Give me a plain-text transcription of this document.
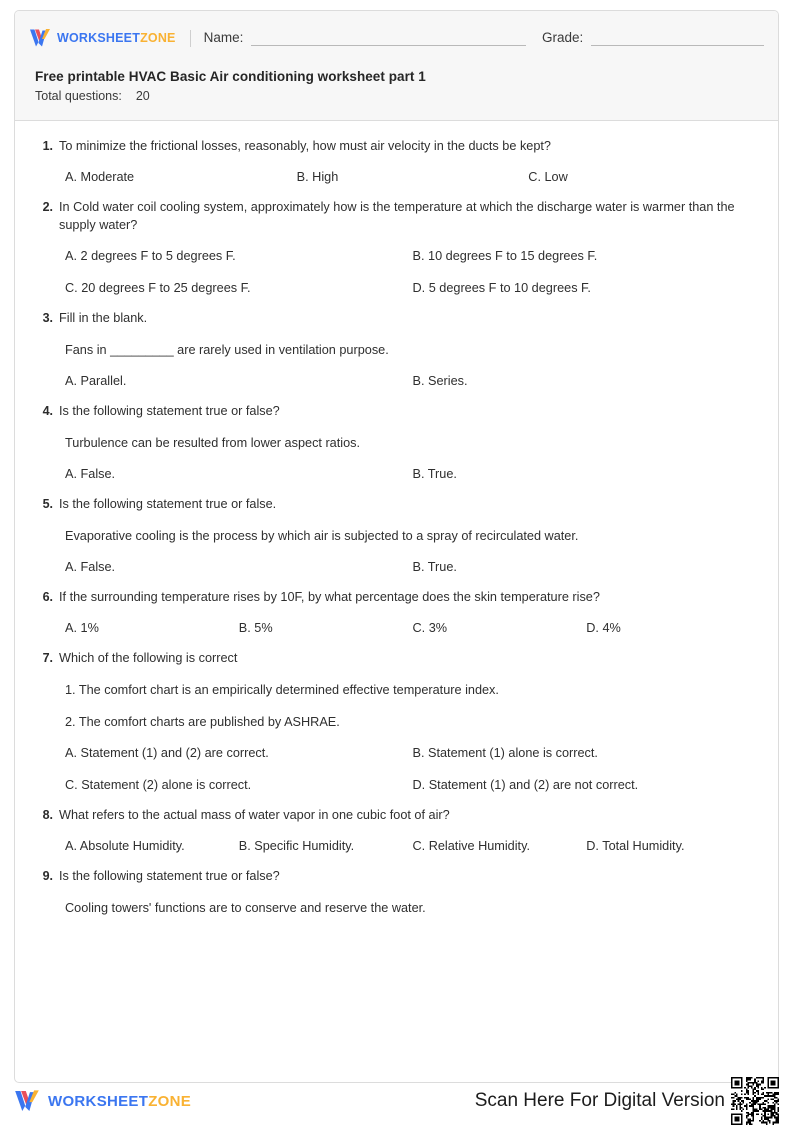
WORKSHEETZONE Name:	Grade:
Free printable HVAC Basic Air conditioning worksheet part 1
Total questions: 20
1. To minimize the frictional losses, reasonably, how must air velocity in the ducts be kept?
A. Moderate	B. High	C. Low
2. In Cold water coil cooling system, approximately how is the temperature at which the discharge water is warmer than the supply water?
A. 2 degrees F to 5 degrees F.	B. 10 degrees F to 15 degrees F.
C. 20 degrees F to 25 degrees F.	D. 5 degrees F to 10 degrees F.
3. Fill in the blank.
Fans in _________ are rarely used in ventilation purpose.
A. Parallel.	B. Series.
4. Is the following statement true or false?
Turbulence can be resulted from lower aspect ratios.
A. False.	B. True.
5. Is the following statement true or false.
Evaporative cooling is the process by which air is subjected to a spray of recirculated water.
A. False.	B. True.
6. If the surrounding temperature rises by 10F, by what percentage does the skin temperature rise?
A. 1%	B. 5%	C. 3%	D. 4%
7. Which of the following is correct
1. The comfort chart is an empirically determined effective temperature index.
2. The comfort charts are published by ASHRAE.
A. Statement (1) and (2) are correct.	B. Statement (1) alone is correct.
C. Statement (2) alone is correct.	D. Statement (1) and (2) are not correct.
8. What refers to the actual mass of water vapor in one cubic foot of air?
A. Absolute Humidity.	B. Specific Humidity.	C. Relative Humidity.	D. Total Humidity.
9. Is the following statement true or false?
Cooling towers' functions are to conserve and reserve the water.
WORKSHEETZONE	Scan Here For Digital Version
